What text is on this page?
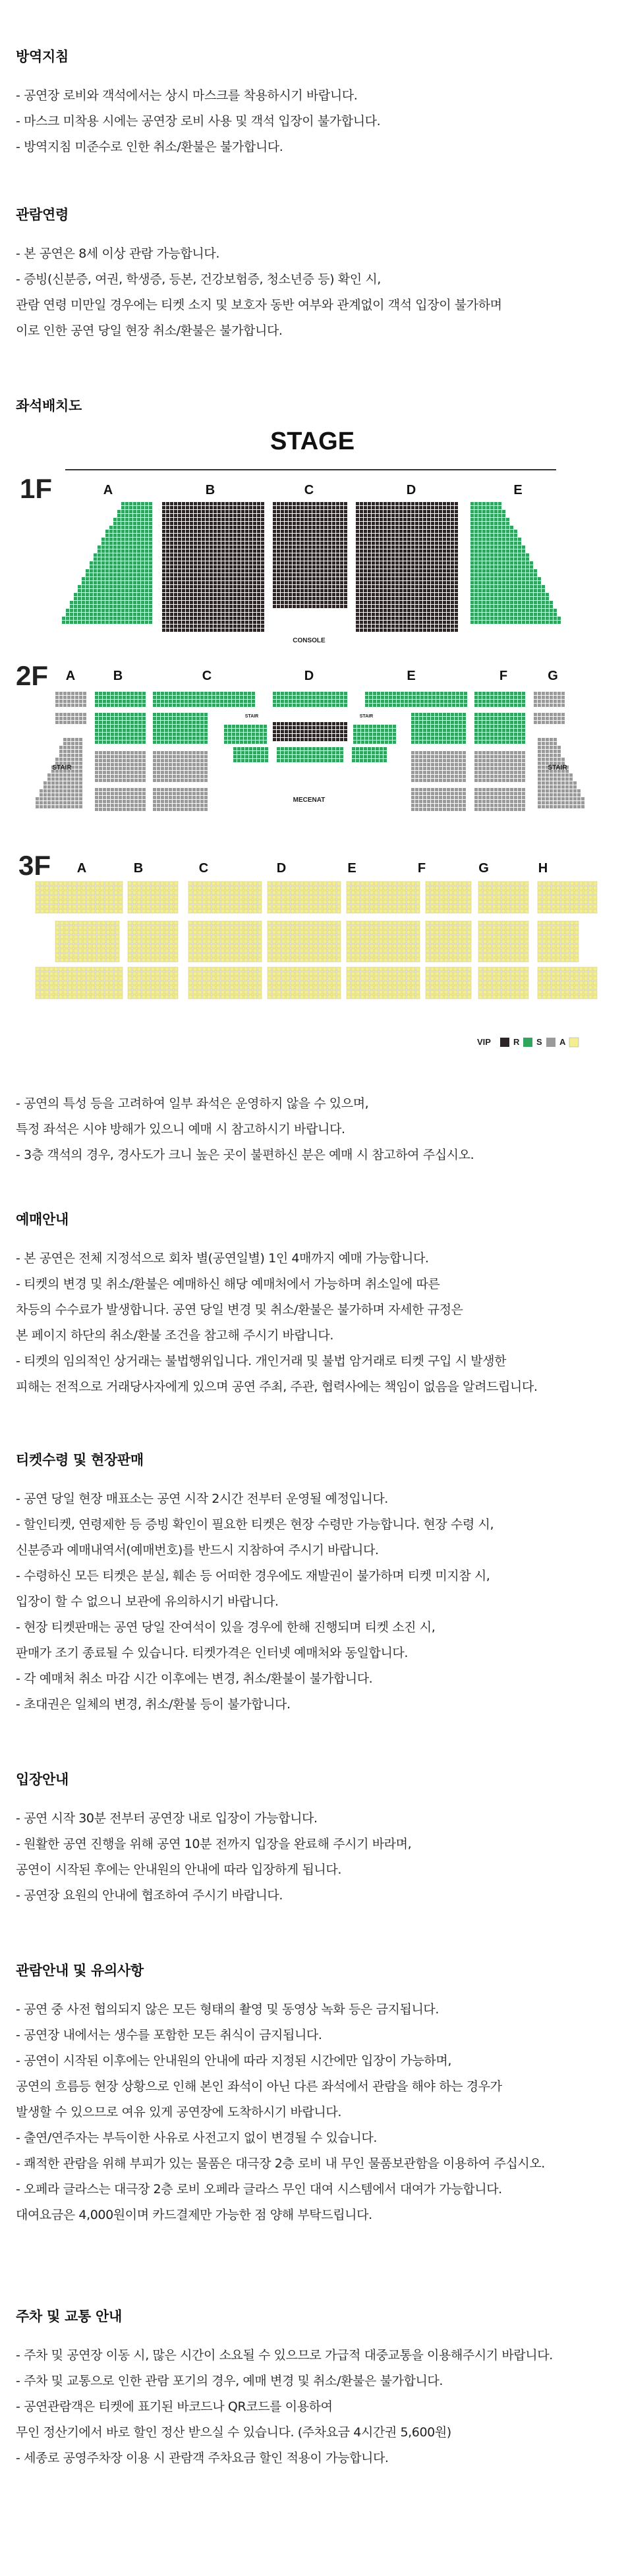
방역지침
- 공연장 로비와 객석에서는 상시 마스크를 착용하시기 바랍니다.
- 마스크 미착용 시에는 공연장 로비 사용 및 객석 입장이 불가합니다.
- 방역지침 미준수로 인한 취소/환불은 불가합니다.
관람연령
- 본 공연은 8세 이상 관람 가능합니다.
- 증빙(신분증, 여권, 학생증, 등본, 건강보험증, 청소년증 등) 확인 시,
관람 연령 미만일 경우에는 티켓 소지 및 보호자 동반 여부와 관계없이 객석 입장이 불가하며
이로 인한 공연 당일 현장 취소/환불은 불가합니다.
좌석배치도
STAGE
1F	A	B	C	D	E
CONSOLE
2F A	B	C	D	E	F	G
STAIR	STAIR
STAIR	STAIR
MECENAT
3F A	B	C	D	E	F	G	H
VIP	R S A
- 공연의 특성 등을 고려하여 일부 좌석은 운영하지 않을 수 있으며,
특정 좌석은 시야 방해가 있으니 예매 시 참고하시기 바랍니다.
- 3층 객석의 경우, 경사도가 크니 높은 곳이 불편하신 분은 예매 시 참고하여 주십시오.
예매안내
- 본 공연은 전체 지정석으로 회차 별(공연일별) 1인 4매까지 예매 가능합니다.
- 티켓의 변경 및 취소/환불은 예매하신 해당 예매처에서 가능하며 취소일에 따른
차등의 수수료가 발생합니다. 공연 당일 변경 및 취소/환불은 불가하며 자세한 규정은
본 페이지 하단의 취소/환불 조건을 참고해 주시기 바랍니다.
- 티켓의 임의적인 상거래는 불법행위입니다. 개인거래 및 불법 암거래로 티켓 구입 시 발생한
피해는 전적으로 거래당사자에게 있으며 공연 주최, 주관, 협력사에는 책임이 없음을 알려드립니다.
티켓수령 및 현장판매
- 공연 당일 현장 매표소는 공연 시작 2시간 전부터 운영될 예정입니다.
- 할인티켓, 연령제한 등 증빙 확인이 필요한 티켓은 현장 수령만 가능합니다. 현장 수령 시,
신분증과 예매내역서(예매번호)를 반드시 지참하여 주시기 바랍니다.
- 수령하신 모든 티켓은 분실, 훼손 등 어떠한 경우에도 재발권이 불가하며 티켓 미지참 시,
입장이 할 수 없으니 보관에 유의하시기 바랍니다.
- 현장 티켓판매는 공연 당일 잔여석이 있을 경우에 한해 진행되며 티켓 소진 시,
판매가 조기 종료될 수 있습니다. 티켓가격은 인터넷 예매처와 동일합니다.
- 각 예매처 취소 마감 시간 이후에는 변경, 취소/환불이 불가합니다.
- 초대권은 일체의 변경, 취소/환불 등이 불가합니다.
입장안내
- 공연 시작 30분 전부터 공연장 내로 입장이 가능합니다.
- 원활한 공연 진행을 위해 공연 10분 전까지 입장을 완료해 주시기 바라며,
공연이 시작된 후에는 안내원의 안내에 따라 입장하게 됩니다.
- 공연장 요원의 안내에 협조하여 주시기 바랍니다.
관람안내 및 유의사항
- 공연 중 사전 협의되지 않은 모든 형태의 촬영 및 동영상 녹화 등은 금지됩니다.
- 공연장 내에서는 생수를 포함한 모든 취식이 금지됩니다.
- 공연이 시작된 이후에는 안내원의 안내에 따라 지정된 시간에만 입장이 가능하며,
공연의 흐름등 현장 상황으로 인해 본인 좌석이 아닌 다른 좌석에서 관람을 해야 하는 경우가
발생할 수 있으므로 여유 있게 공연장에 도착하시기 바랍니다.
- 출연/연주자는 부득이한 사유로 사전고지 없이 변경될 수 있습니다.
- 쾌적한 관람을 위해 부피가 있는 물품은 대극장 2층 로비 내 무인 물품보관함을 이용하여 주십시오.
- 오페라 글라스는 대극장 2층 로비 오페라 글라스 무인 대여 시스템에서 대여가 가능합니다.
대여요금은 4,000원이며 카드결제만 가능한 점 양해 부탁드립니다.
주차 및 교통 안내
- 주차 및 공연장 이동 시, 많은 시간이 소요될 수 있으므로 가급적 대중교통을 이용해주시기 바랍니다.
- 주차 및 교통으로 인한 관람 포기의 경우, 예매 변경 및 취소/환불은 불가합니다.
- 공연관람객은 티켓에 표기된 바코드나 QR코드를 이용하여
무인 정산기에서 바로 할인 정산 받으실 수 있습니다. (주차요금 4시간권 5,600원)
- 세종로 공영주차장 이용 시 관람객 주차요금 할인 적용이 가능합니다.
